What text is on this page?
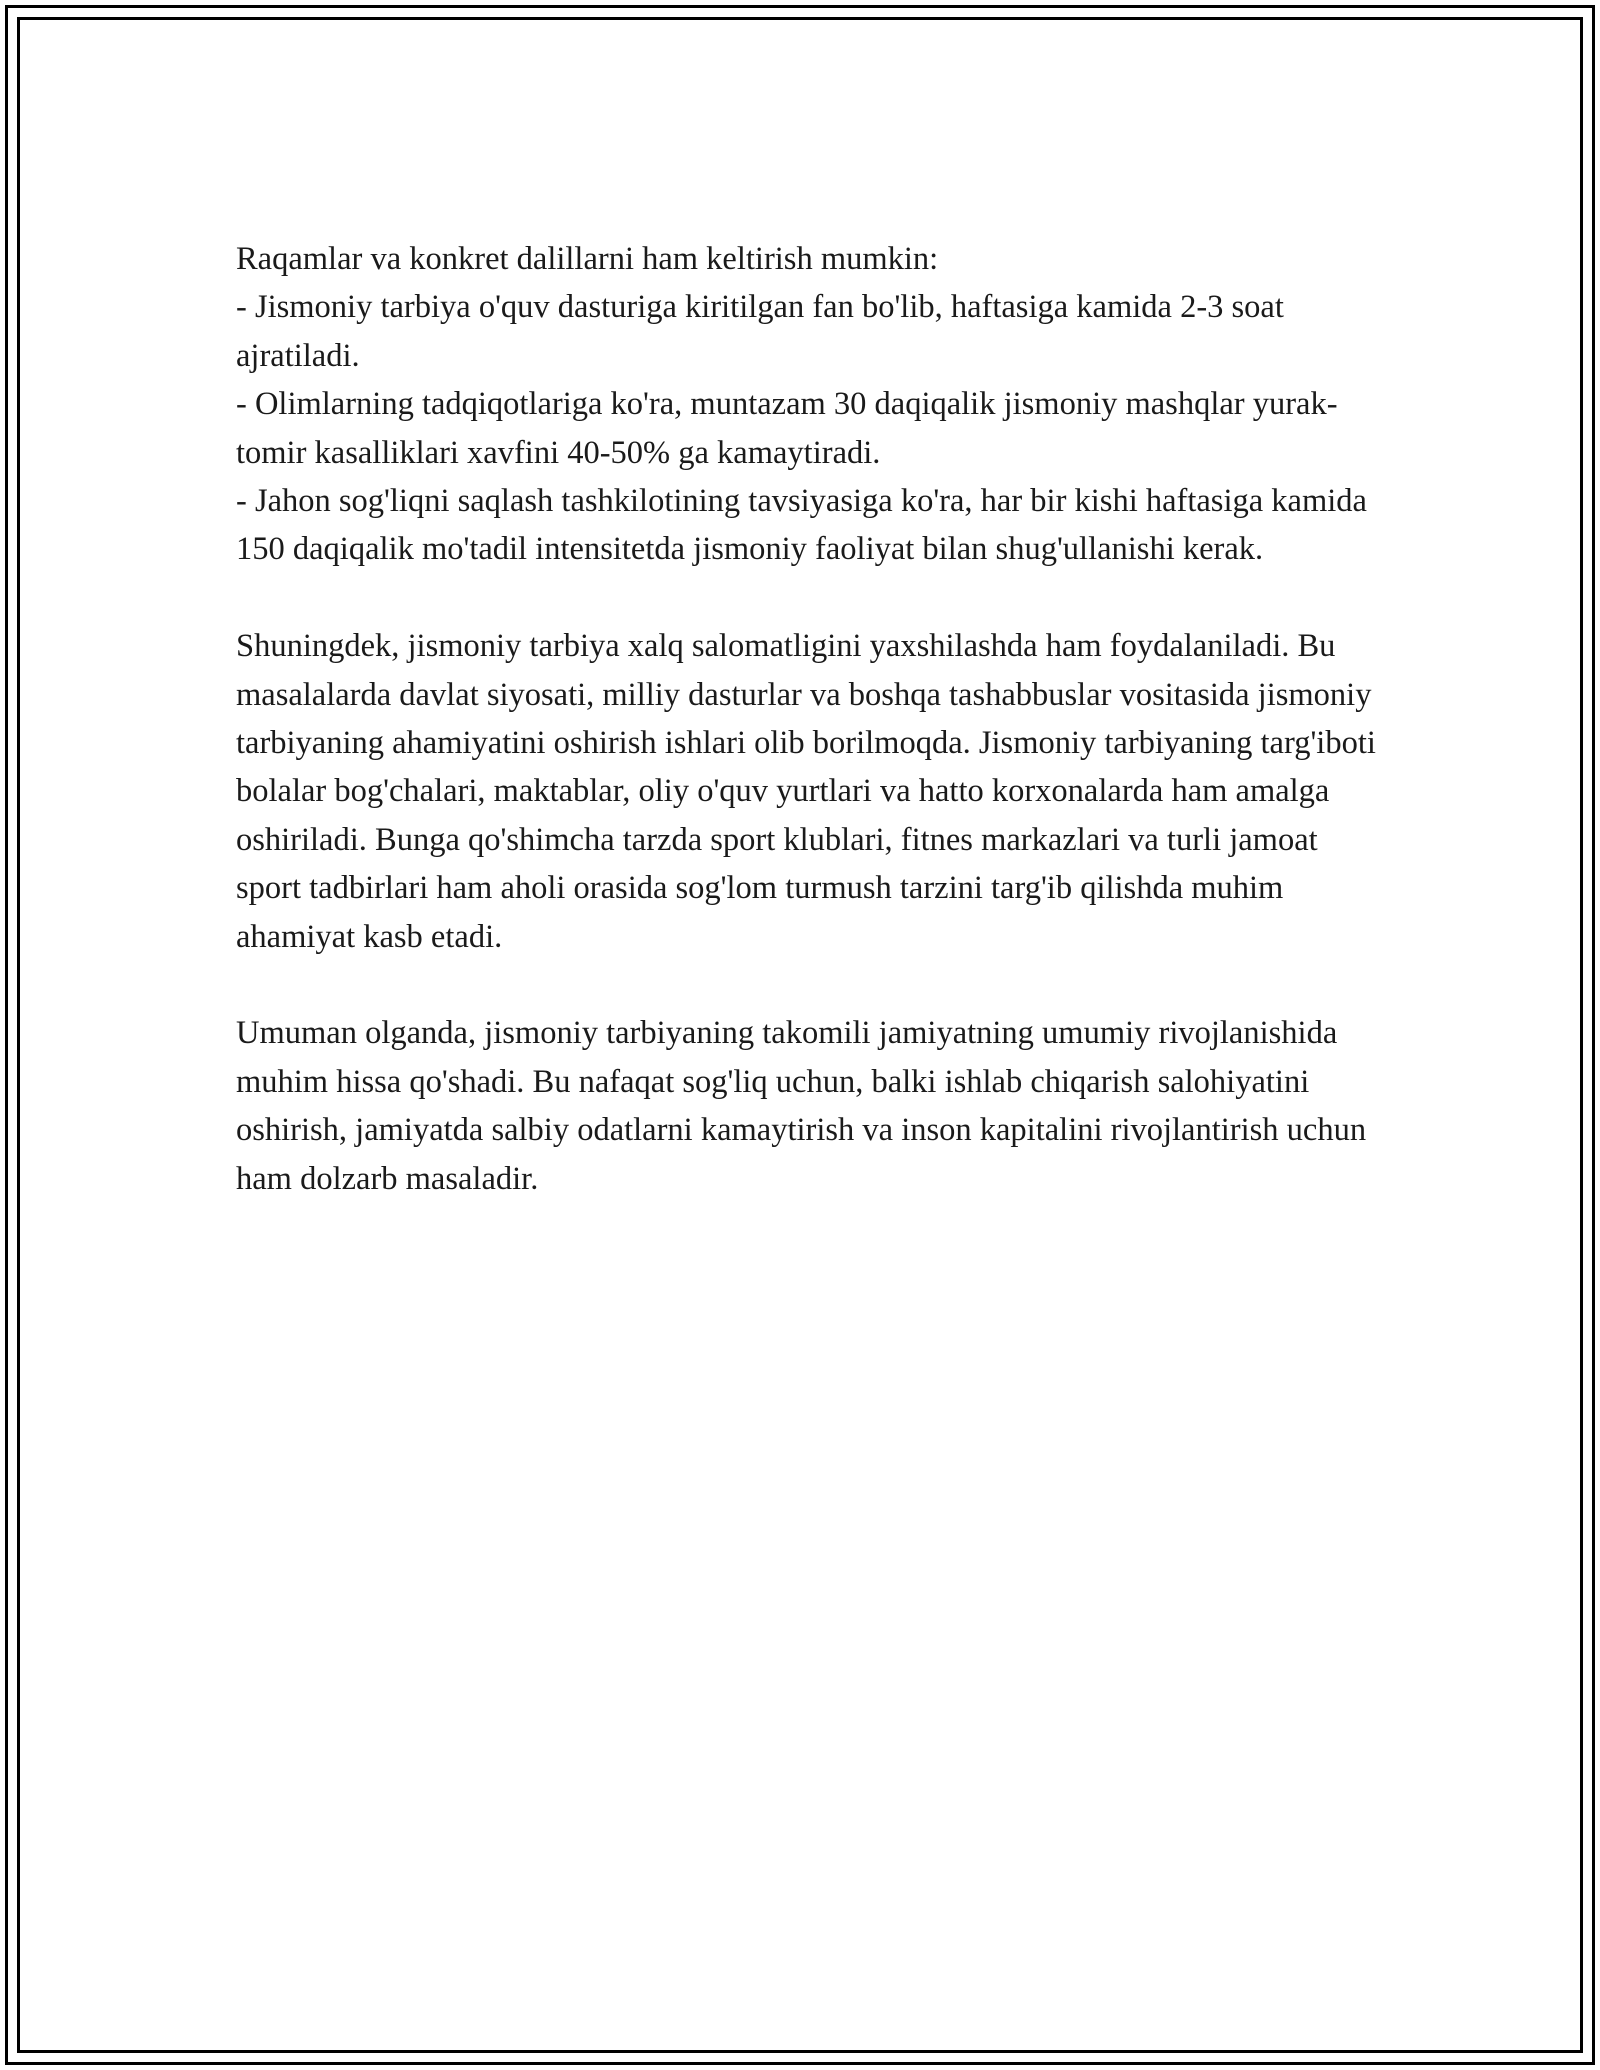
Raqamlar va konkret dalillarni ham keltirish mumkin:

- Jismoniy tarbiya o'quv dasturiga kiritilgan fan bo'lib, haftasiga kamida 2-3 soat ajratiladi.

- Olimlarning tadqiqotlariga ko'ra, muntazam 30 daqiqalik jismoniy mashqlar yurak-tomir kasalliklari xavfini 40-50% ga kamaytiradi.

- Jahon sog'liqni saqlash tashkilotining tavsiyasiga ko'ra, har bir kishi haftasiga kamida 150 daqiqalik mo'tadil intensitetda jismoniy faoliyat bilan shug'ullanishi kerak.

Shuningdek, jismoniy tarbiya xalq salomatligini yaxshilashda ham foydalaniladi. Bu masalalarda davlat siyosati, milliy dasturlar va boshqa tashabbuslar vositasida jismoniy tarbiyaning ahamiyatini oshirish ishlari olib borilmoqda. Jismoniy tarbiyaning targ'iboti bolalar bog'chalari, maktablar, oliy o'quv yurtlari va hatto korxonalarda ham amalga oshiriladi. Bunga qo'shimcha tarzda sport klublari, fitnes markazlari va turli jamoat sport tadbirlari ham aholi orasida sog'lom turmush tarzini targ'ib qilishda muhim ahamiyat kasb etadi.

Umuman olganda, jismoniy tarbiyaning takomili jamiyatning umumiy rivojlanishida muhim hissa qo'shadi. Bu nafaqat sog'liq uchun, balki ishlab chiqarish salohiyatini oshirish, jamiyatda salbiy odatlarni kamaytirish va inson kapitalini rivojlantirish uchun ham dolzarb masaladir.
